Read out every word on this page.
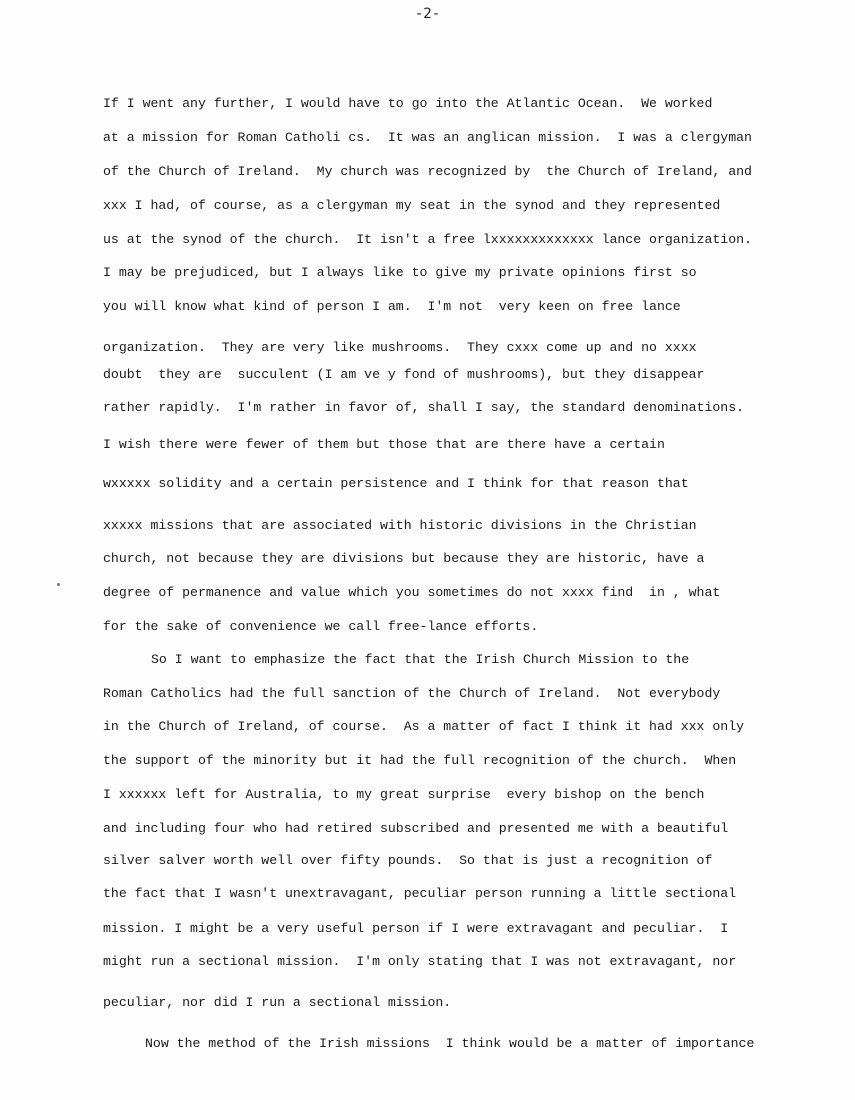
-2-
If I went any further, I would have to go into the Atlantic Ocean.  We worked
at a mission for Roman Catholi cs.  It was an anglican mission.  I was a clergyman
of the Church of Ireland.  My church was recognized by  the Church of Ireland, and
xxx I had, of course, as a clergyman my seat in the synod and they represented
us at the synod of the church.  It isn't a free lxxxxxxxxxxxxx lance organization.
I may be prejudiced, but I always like to give my private opinions first so
you will know what kind of person I am.  I'm not  very keen on free lance
organization.  They are very like mushrooms.  They cxxx come up and no xxxx
doubt  they are  succulent (I am ve y fond of mushrooms), but they disappear
rather rapidly.  I'm rather in favor of, shall I say, the standard denominations.
I wish there were fewer of them but those that are there have a certain
wxxxxx solidity and a certain persistence and I think for that reason that
xxxxx missions that are associated with historic divisions in the Christian
church, not because they are divisions but because they are historic, have a
degree of permanence and value which you sometimes do not xxxx find  in , what
for the sake of convenience we call free-lance efforts.
So I want to emphasize the fact that the Irish Church Mission to the
Roman Catholics had the full sanction of the Church of Ireland.  Not everybody
in the Church of Ireland, of course.  As a matter of fact I think it had xxx only
the support of the minority but it had the full recognition of the church.  When
I xxxxxx left for Australia, to my great surprise  every bishop on the bench
and including four who had retired subscribed and presented me with a beautiful
silver salver worth well over fifty pounds.  So that is just a recognition of
the fact that I wasn't unextravagant, peculiar person running a little sectional
mission. I might be a very useful person if I were extravagant and peculiar.  I
might run a sectional mission.  I'm only stating that I was not extravagant, nor
peculiar, nor did I run a sectional mission.
Now the method of the Irish missions  I think would be a matter of importance
